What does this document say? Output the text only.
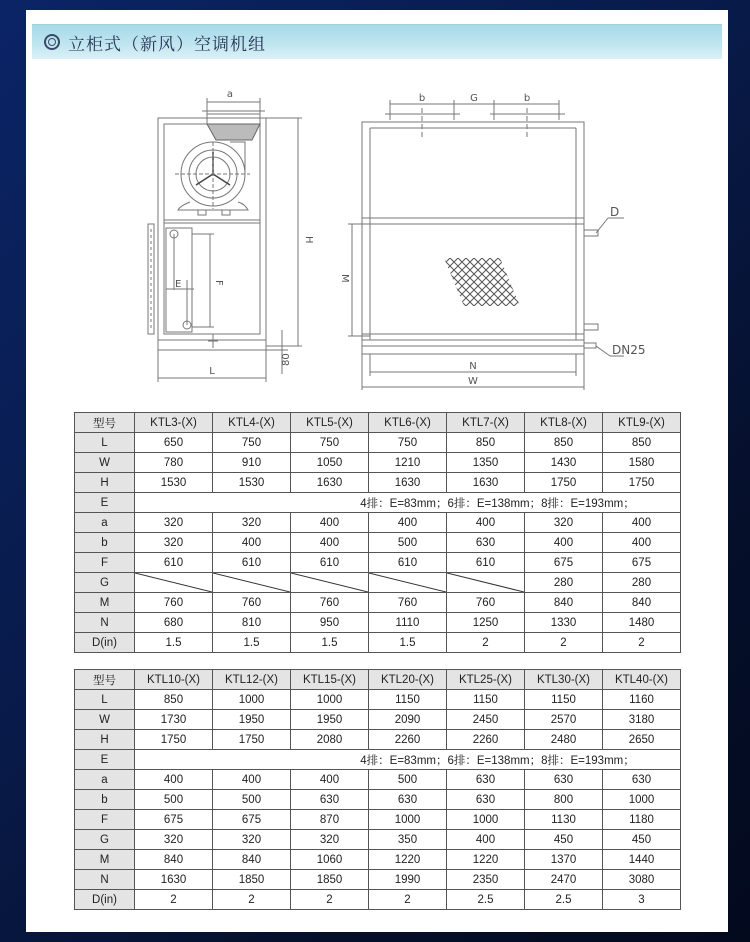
立柜式（新风）空调机组
a
H
F
E
L
80
b	G	b
D
M
DN25
N
W
型号	KTL3-(X)	KTL4-(X)	KTL5-(X)	KTL6-(X)	KTL7-(X)	KTL8-(X)	KTL9-(X)
L	650	750	750	750	850	850	850
W	780	910	1050	1210	1350	1430	1580
H	1530	1530	1630	1630	1630	1750	1750
E	4排：E=83mm；6排：E=138mm；8排：E=193mm；						
a	320	320	400	400	400	320	400
b	320	400	400	500	630	400	400
F	610	610	610	610	610	675	675
G						280	280
M	760	760	760	760	760	840	840
N	680	810	950	1110	1250	1330	1480
D(in)	1.5	1.5	1.5	1.5	2	2	2
型号	KTL10-(X)	KTL12-(X)	KTL15-(X)	KTL20-(X)	KTL25-(X)	KTL30-(X)	KTL40-(X)
L	850	1000	1000	1150	1150	1150	1160
W	1730	1950	1950	2090	2450	2570	3180
H	1750	1750	2080	2260	2260	2480	2650
E	4排：E=83mm；6排：E=138mm；8排：E=193mm；						
a	400	400	400	500	630	630	630
b	500	500	630	630	630	800	1000
F	675	675	870	1000	1000	1130	1180
G	320	320	320	350	400	450	450
M	840	840	1060	1220	1220	1370	1440
N	1630	1850	1850	1990	2350	2470	3080
D(in)	2	2	2	2	2.5	2.5	3
